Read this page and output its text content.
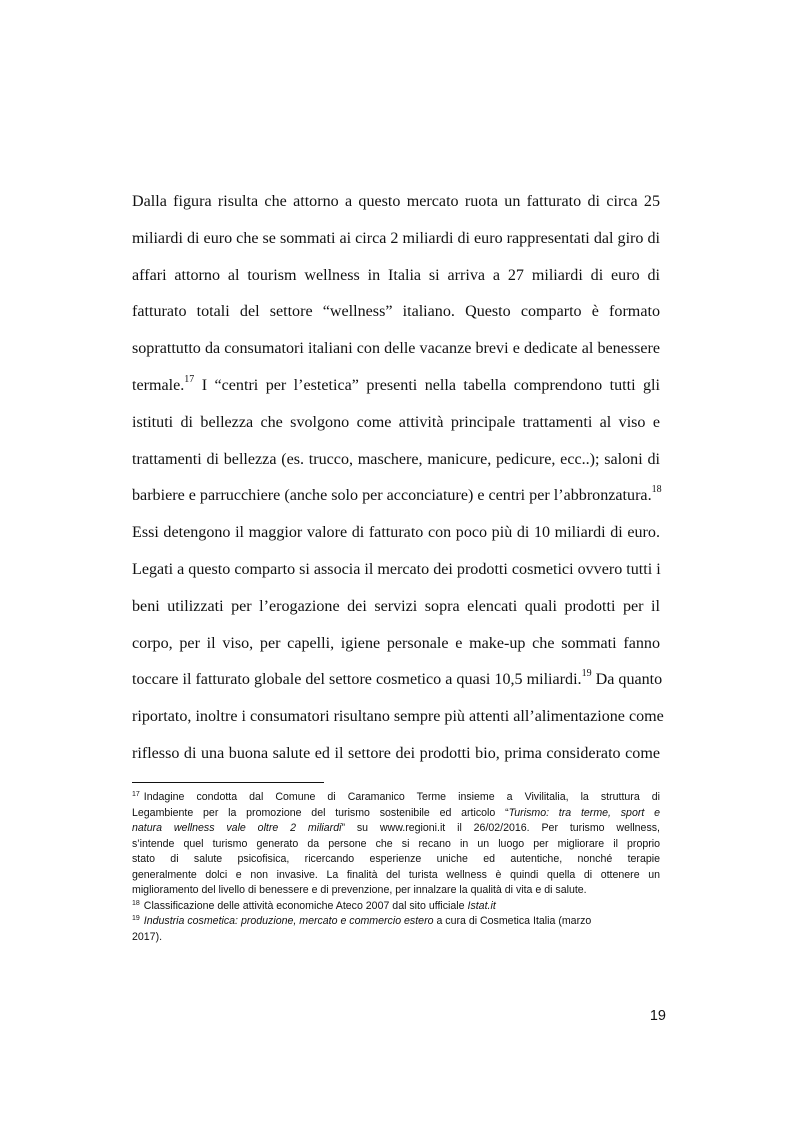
Dalla figura risulta che attorno a questo mercato ruota un fatturato di circa 25
miliardi di euro che se sommati ai circa 2 miliardi di euro rappresentati dal giro di
affari attorno al tourism wellness in Italia si arriva a 27 miliardi di euro di
fatturato totali del settore “wellness” italiano. Questo comparto è formato
soprattutto da consumatori italiani con delle vacanze brevi e dedicate al benessere
termale.$^{17}$ I “centri per l’estetica” presenti nella tabella comprendono tutti gli
istituti di bellezza che svolgono come attività principale trattamenti al viso e
trattamenti di bellezza (es. trucco, maschere, manicure, pedicure, ecc..); saloni di
barbiere e parrucchiere (anche solo per acconciature) e centri per l’abbronzatura.$^{18}$
Essi detengono il maggior valore di fatturato con poco più di 10 miliardi di euro.
Legati a questo comparto si associa il mercato dei prodotti cosmetici ovvero tutti i
beni utilizzati per l’erogazione dei servizi sopra elencati quali prodotti per il
corpo, per il viso, per capelli, igiene personale e make-up che sommati fanno
toccare il fatturato globale del settore cosmetico a quasi 10,5 miliardi.$^{19}$ Da quanto
riportato, inoltre i consumatori risultano sempre più attenti all’alimentazione come
riflesso di una buona salute ed il settore dei prodotti bio, prima considerato come
$^{17}$ Indagine condotta dal Comune di Caramanico Terme insieme a Vivilitalia, la struttura di
Legambiente per la promozione del turismo sostenibile ed articolo “Turismo: tra terme, sport e
natura wellness vale oltre 2 miliardi” su www.regioni.it il 26/02/2016. Per turismo wellness,
s’intende quel turismo generato da persone che si recano in un luogo per migliorare il proprio
stato di salute psicofisica, ricercando esperienze uniche ed autentiche, nonché terapie
generalmente dolci e non invasive. La finalità del turista wellness è quindi quella di ottenere un
miglioramento del livello di benessere e di prevenzione, per innalzare la qualità di vita e di salute.
$^{18}$ Classificazione delle attività economiche Ateco 2007 dal sito ufficiale Istat.it
$^{19}$ Industria cosmetica: produzione, mercato e commercio estero a cura di Cosmetica Italia (marzo
2017).
19
